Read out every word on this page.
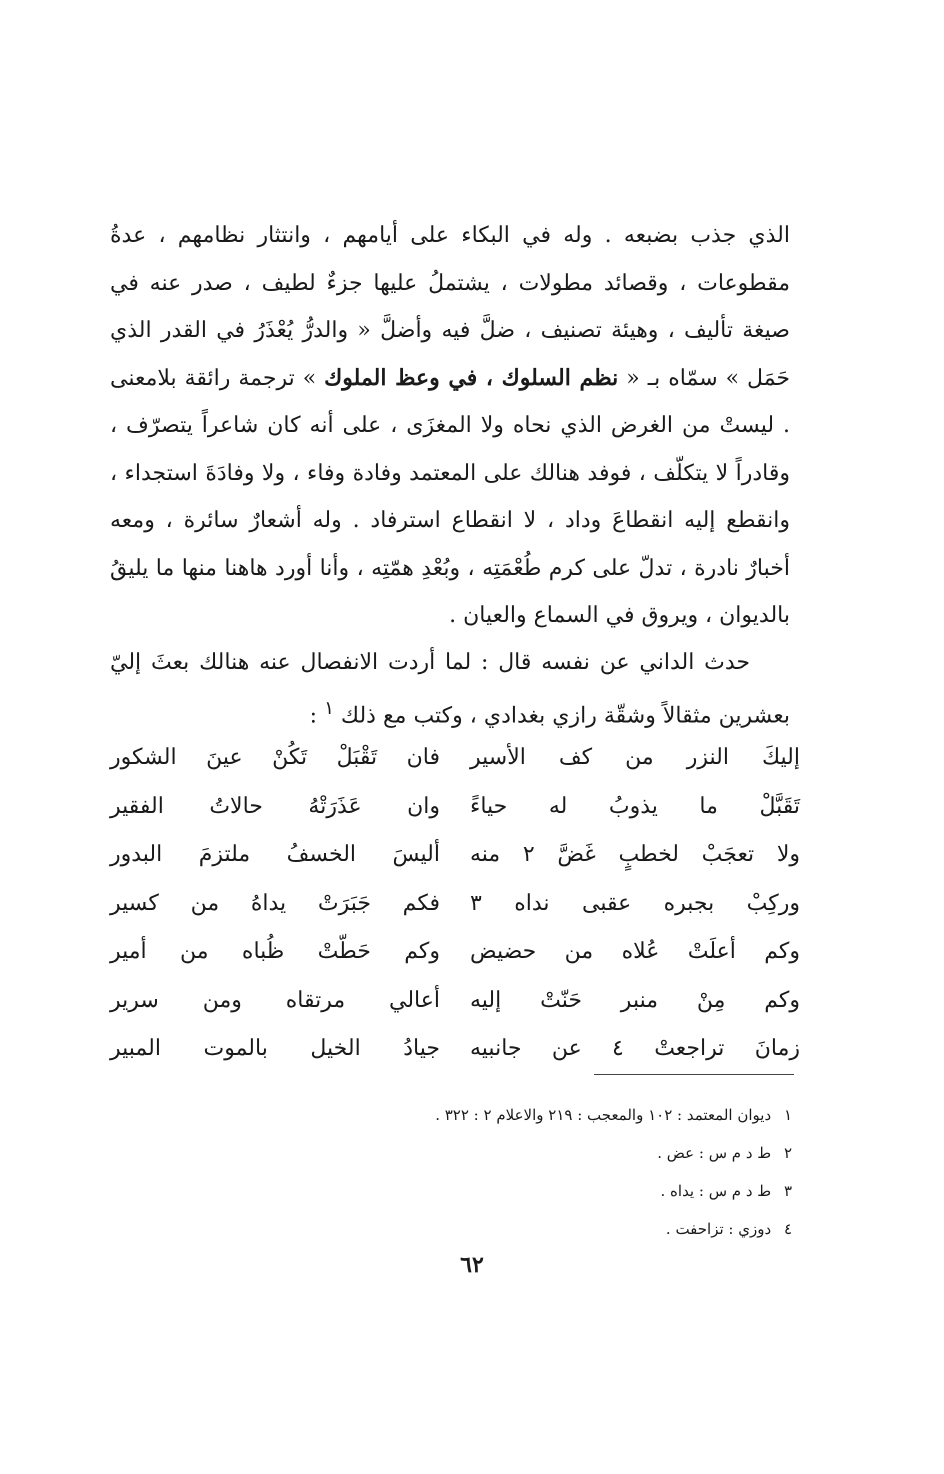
الذي جذب بضبعه . وله في البكاء على أيامهم ، وانتثار نظامهم ، عدةُ مقطوعات ، وقصائد مطولات ، يشتملُ عليها جزءٌ لطيف ، صدر عنه في صيغة تأليف ، وهيئة تصنيف ، ضلَّ فيه وأضلَّ « والدرُّ يُعْذَرُ في القدر الذي حَمَل » سمّاه بـ « نظم السلوك ، في وعظ الملوك » ترجمة رائقة بلامعنى . ليستْ من الغرض الذي نحاه ولا المغزَى ، على أنه كان شاعراً يتصرّف ، وقادراً لا يتكلّف ، فوفد هنالك على المعتمد وفادة وفاء ، ولا وفادَةَ استجداء ، وانقطع إليه انقطاعَ وداد ، لا انقطاع استرفاد . وله أشعارٌ سائرة ، ومعه أخبارٌ نادرة ، تدلّ على كرم طُعْمَتِه ، وبُعْدِ همّتِه ، وأنا أورد هاهنا منها ما يليقُ بالديوان ، ويروق في السماع والعيان .

حدث الداني عن نفسه قال : لما أردت الانفصال عنه هنالك بعثَ إليّ بعشرين مثقالاً وشقّة رازي بغدادي ، وكتب مع ذلك $^١$ :
إليكَ النزر من كف الأسير
فان تَقْبَلْ تَكُنْ عينَ الشكور
تَقَبَّلْ ما يذوبُ له حياءً
وان عَذَرَتْهُ حالاتُ الفقير
ولا تعجَبْ لخطبٍ غَضَّ ٢ منه
أليسَ الخسفُ ملتزمَ البدور
وركِبْ بجبره عقبى نداه ٣
فكم جَبَرَتْ يداهُ من كسير
وكم أعلَتْ عُلاه من حضيض
وكم حَطّتْ ظُباه من أمير
وكم مِنْ منبر حَنّتْ إليه
أعالي مرتقاه ومن سرير
زمانَ تراجعتْ ٤ عن جانبيه
جيادُ الخيل بالموت المبير
١ ديوان المعتمد : ١٠٢ والمعجب : ٢١٩ والاعلام ٢ : ٣٢٢ .
٢ ط د م س : عض .
٣ ط د م س : يداه .
٤ دوزي : تزاحفت .
٦٢
